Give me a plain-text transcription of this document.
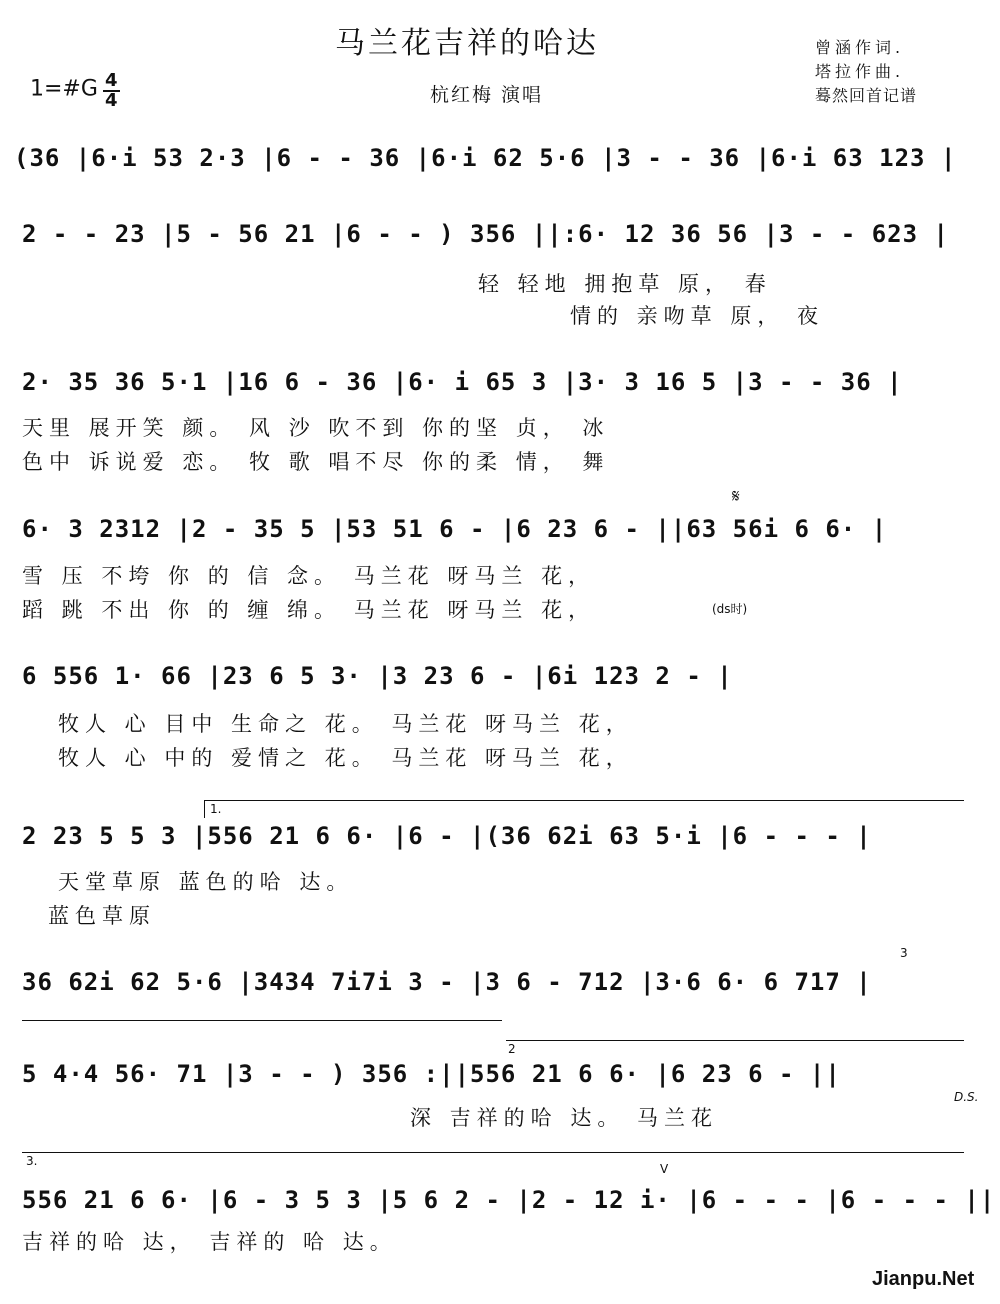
马兰花吉祥的哈达
1=#G $\frac{4}{4}$	杭红梅 演唱
曾涵作词.
塔拉作曲.
蓦然回首记谱
(36 |6·i 53 2·3 |6 - - 36 |6·i 62 5·6 |3 - - 36 |6·i 63 123 |
2 - - 23 |5 - 56 21 |6 - - ) 356 ||:6· 12 36 56 |3 - - 623 |
轻 轻地 拥抱草 原， 春
情的 亲吻草 原， 夜
2· 35 36 5·1 |16 6 - 36 |6· i 65 3 |3· 3 16 5 |3 - - 36 |
天里 展开笑 颜。 风 沙 吹不到 你的坚 贞， 冰
色中 诉说爱 恋。 牧 歌 唱不尽 你的柔 情， 舞
𝄋
6· 3 2312 |2 - 35 5 |53 51 6 - |6 23 6 - ||63 56i 6 6· |
雪 压 不垮 你 的 信 念。 马兰花 呀马兰 花，
蹈 跳 不出 你 的 缠 绵。 马兰花 呀马兰 花，	(ds时)
6 556 1· 66 |23 6 5 3· |3 23 6 - |6i 123 2 - |
牧人 心 目中 生命之 花。 马兰花 呀马兰 花，
牧人 心 中的 爱情之 花。 马兰花 呀马兰 花，
1.
2 23 5 5 3 |556 21 6 6· |6 - |(36 62i 63 5·i |6 - - - |
天堂草原 蓝色的哈 达。
蓝色草原
3
36 62i 62 5·6 |3434 7i7i 3 - |3 6 - 712 |3·6 6· 6 717 |
2
5 4·4 56· 71 |3 - - ) 356 :||556 21 6 6· |6 23 6 - ||
深 吉祥的哈 达。 马兰花
D.S.
3.
V
556 21 6 6· |6 - 3 5 3 |5 6 2 - |2 - 12 i· |6 - - - |6 - - - ||
吉祥的哈 达， 吉祥的 哈 达。
Jianpu.Net
